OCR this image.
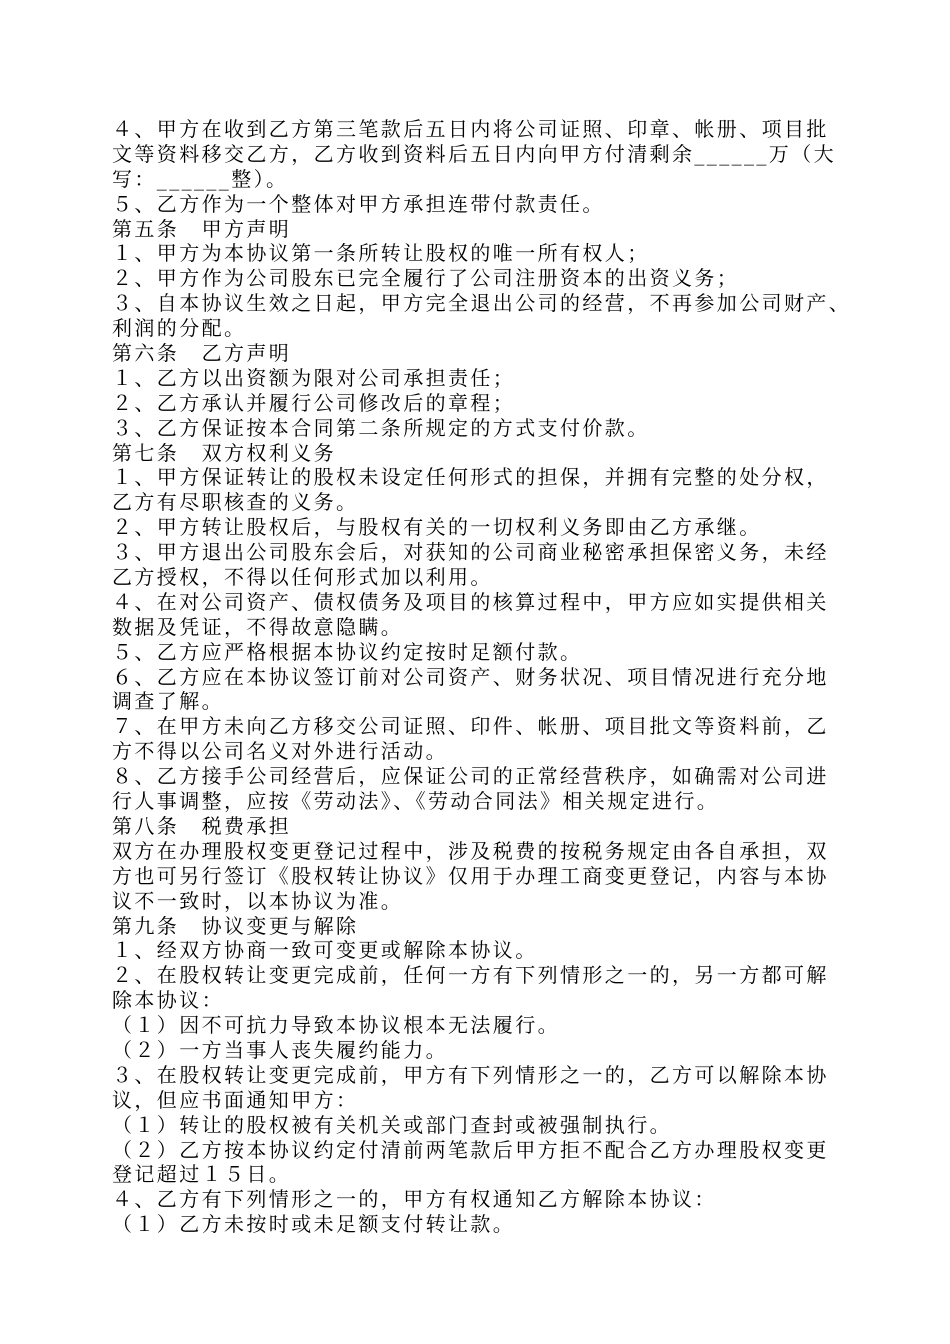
４、甲方在收到乙方第三笔款后五日内将公司证照、印章、帐册、项目批
文等资料移交乙方，乙方收到资料后五日内向甲方付清剩余______万（大
写：______整）。
５、乙方作为一个整体对甲方承担连带付款责任。
第五条　甲方声明
１、甲方为本协议第一条所转让股权的唯一所有权人；
２、甲方作为公司股东已完全履行了公司注册资本的出资义务；
３、自本协议生效之日起，甲方完全退出公司的经营，不再参加公司财产、
利润的分配。
第六条　乙方声明
１、乙方以出资额为限对公司承担责任；
２、乙方承认并履行公司修改后的章程；
３、乙方保证按本合同第二条所规定的方式支付价款。
第七条　双方权利义务
１、甲方保证转让的股权未设定任何形式的担保，并拥有完整的处分权，
乙方有尽职核查的义务。
２、甲方转让股权后，与股权有关的一切权利义务即由乙方承继。
３、甲方退出公司股东会后，对获知的公司商业秘密承担保密义务，未经
乙方授权，不得以任何形式加以利用。
４、在对公司资产、债权债务及项目的核算过程中，甲方应如实提供相关
数据及凭证，不得故意隐瞒。
５、乙方应严格根据本协议约定按时足额付款。
６、乙方应在本协议签订前对公司资产、财务状况、项目情况进行充分地
调查了解。
７、在甲方未向乙方移交公司证照、印件、帐册、项目批文等资料前，乙
方不得以公司名义对外进行活动。
８、乙方接手公司经营后，应保证公司的正常经营秩序，如确需对公司进
行人事调整，应按《劳动法》、《劳动合同法》相关规定进行。
第八条　税费承担
双方在办理股权变更登记过程中，涉及税费的按税务规定由各自承担，双
方也可另行签订《股权转让协议》仅用于办理工商变更登记，内容与本协
议不一致时，以本协议为准。
第九条　协议变更与解除
１、经双方协商一致可变更或解除本协议。
２、在股权转让变更完成前，任何一方有下列情形之一的，另一方都可解
除本协议：
（１）因不可抗力导致本协议根本无法履行。
（２）一方当事人丧失履约能力。
３、在股权转让变更完成前，甲方有下列情形之一的，乙方可以解除本协
议，但应书面通知甲方：
（１）转让的股权被有关机关或部门查封或被强制执行。
（２）乙方按本协议约定付清前两笔款后甲方拒不配合乙方办理股权变更
登记超过１５日。
４、乙方有下列情形之一的，甲方有权通知乙方解除本协议：
（１）乙方未按时或未足额支付转让款。
